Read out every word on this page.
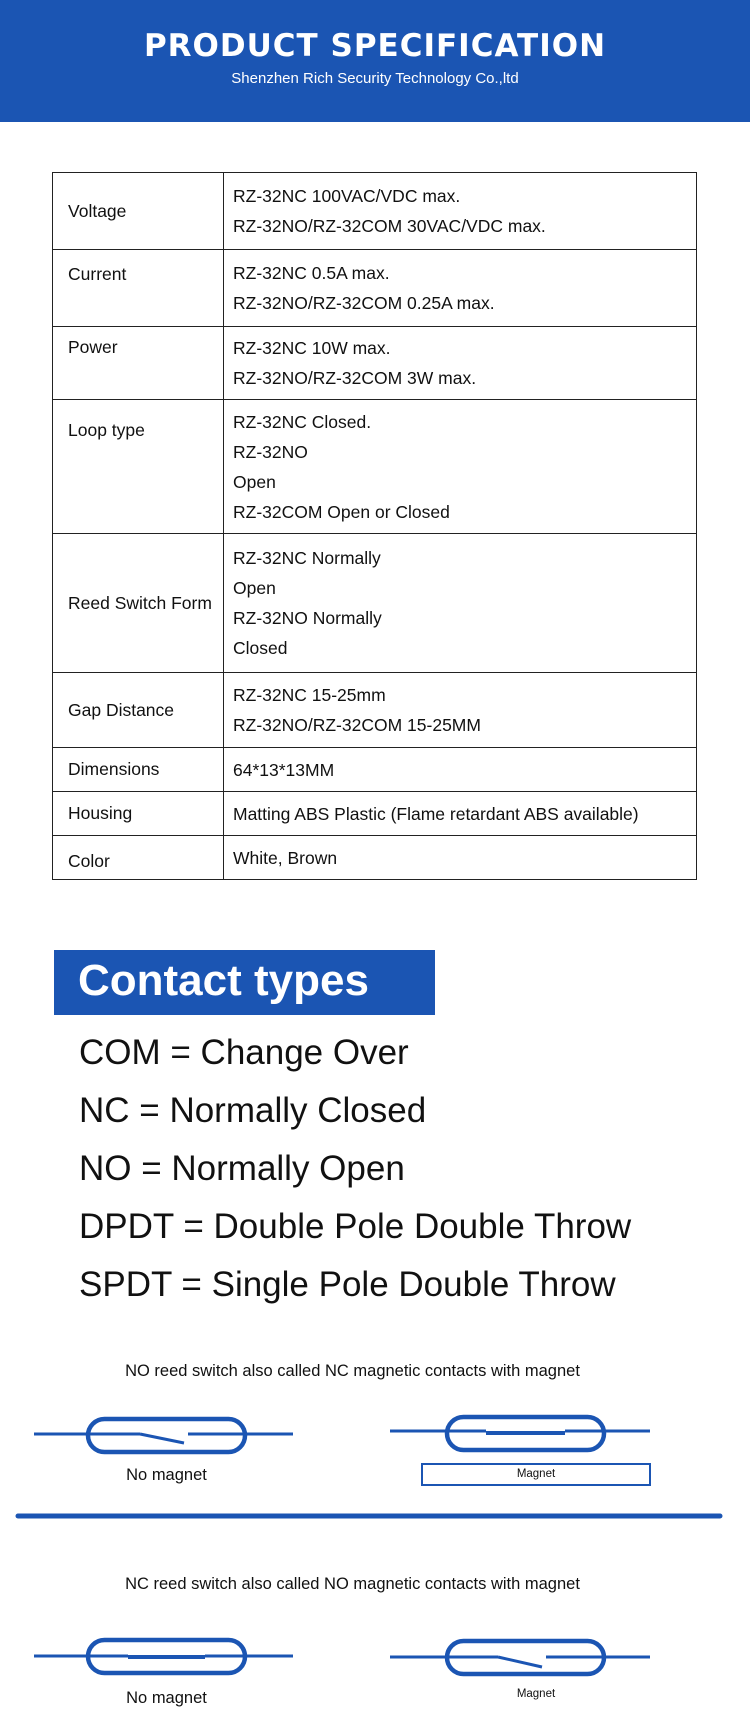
PRODUCT SPECIFICATION
Shenzhen Rich Security Technology Co.,ltd
Voltage	RZ-32NC 100VAC/VDC max.
RZ-32NO/RZ-32COM 30VAC/VDC max.

Current	RZ-32NC 0.5A max.
RZ-32NO/RZ-32COM 0.25A max.

Power	RZ-32NC 10W max.
RZ-32NO/RZ-32COM 3W max.

Loop type	RZ-32NC Closed.
RZ-32NO
Open
RZ-32COM Open or Closed

Reed Switch Form	RZ-32NC Normally
Open
RZ-32NO Normally
Closed

Gap Distance	RZ-32NC 15-25mm
RZ-32NO/RZ-32COM 15-25MM

Dimensions	64*13*13MM

Housing	Matting ABS Plastic (Flame retardant ABS available)

Color	White, Brown
Contact types
COM = Change Over
NC = Normally Closed
NO = Normally Open
DPDT = Double Pole Double Throw
SPDT = Single Pole Double Throw
NO reed switch also called NC magnetic contacts with magnet
No magnet	Magnet
NC reed switch also called NO magnetic contacts with magnet
No magnet	Magnet
